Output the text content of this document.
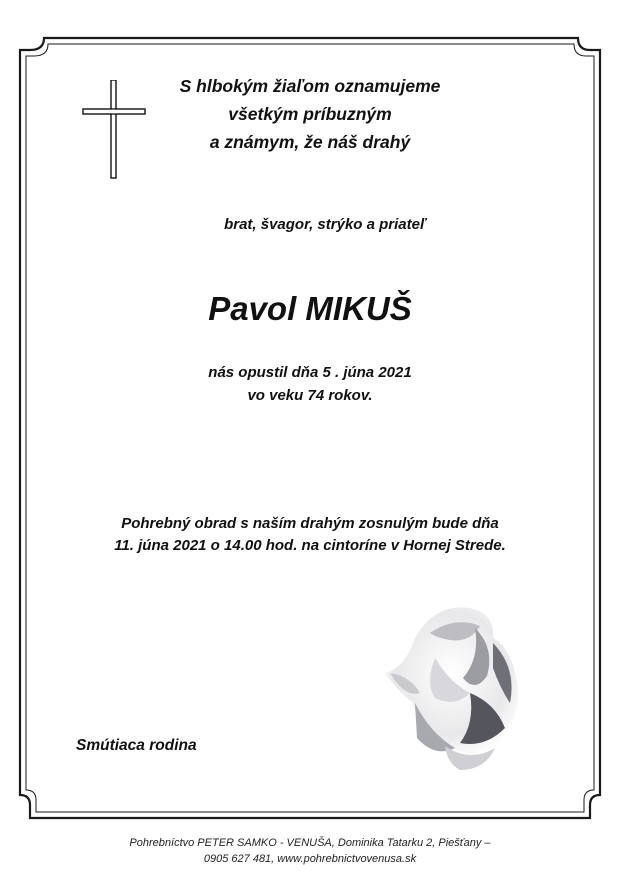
S hlbokým žiaľom oznamujeme
všetkým príbuzným
a známym, že náš drahý
brat, švagor, strýko a priateľ
Pavol MIKUŠ
nás opustil dňa 5 . júna 2021
vo veku 74 rokov.
Pohrebný obrad s naším drahým zosnulým bude dňa
11. júna 2021 o 14.00 hod. na cintoríne v Hornej Strede.
Smútiaca rodina
Pohrebníctvo PETER SAMKO - VENUŠA, Dominika Tatarku 2, Piešťany –
0905 627 481, www.pohrebnictvovenusa.sk
